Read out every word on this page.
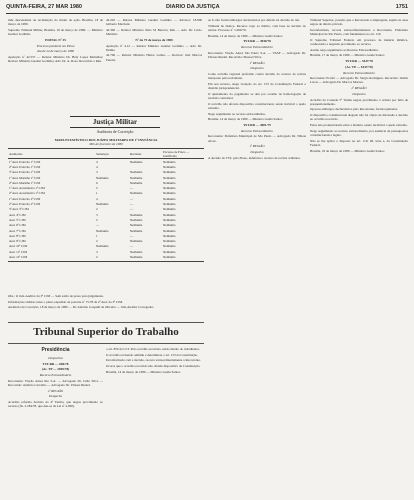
QUINTA-FEIRA, 27 MAR 1980	DIARIO DA JUSTIÇA	1751

mãe descendente da reclamação do titular da ação. Brasília, 18 de março de 1980.

Supremo Tribunal Militar, Brasília, 18 de março de 1980. — Ministro Gualter Godinho.

EDITAL Nº 35

Processo pendente em Pleno

Ata de 24 de março de 1980

Apelação nº 42.557 — Relator Ministro Dr. Hely Lopes Meirelles; Revisor Ministro Gualter Godinho; Adv. Dr. A. Rosa. Recorrido o Réu.

42.202 — Relator Ministro Gualter Godinho — Revisor: 18.000 Gilberto Machado

42.300 — Relator Ministro Júlio Sá Barreto; Réu — Adv. Dr. Lúcio Marinho

Nº do 75 de março de 1980

Apelação nº 4.12 — Relator Ministro Gualter Godinho — Adv. Dr. Dalmo

42.706 — Relator Ministro Heitor Lemos — Revisor: Juiz Marcos Pereira

Justiça Militar
Auditoria de Correição
MAPA ESTATÍSTICO DOS JUÍZES MILITARES DE 1ª INSTÂNCIA
Mês de fevereiro de 1980
Auditorias	Sentenças	Decisões	Excesso de Prazo — Justificado
1ª Aud. Exército 1ª CJM	4	Nenhuma	Nenhuma
2ª Aud. Exército 1ª CJM	4		Nenhuma
3ª Aud. Exército 1ª CJM	3	Nenhuma	Nenhuma
1ª Aud. Marinha 1ª CJM	Nenhuma	Nenhuma	Nenhuma
2ª Aud. Marinha 1ª CJM	6	Nenhuma	Nenhuma
1ª Aud. Aeronáutica 1ª CJM	2	—	Nenhuma
2ª Aud. Aeronáutica 1ª CJM	1	Nenhuma	Nenhuma
1ª Aud. Exército 2ª CJM	4	—	Nenhuma
2ª Aud. Exército 2ª CJM	Nenhuma	—	Nenhuma
3ª Aud. 3ª CJM	2	—	Nenhuma
Aud. 4ª CJM	3	Nenhuma	Nenhuma
Aud. 5ª CJM	2	Nenhuma	Nenhuma
Aud. 6ª CJM	—	Nenhuma	Nenhuma
Aud. 7ª CJM	Nenhuma	Nenhuma	Nenhuma
Aud. 8ª CJM	1	—	Nenhuma
Aud. 9ª CJM	2	Nenhuma	Nenhuma
Aud. 10ª CJM	Nenhuma	—	Nenhuma
Aud. 11ª CJM	3	Nenhuma	Nenhuma
Aud. 12ª CJM	2	Nenhuma	Nenhuma

Obs.: O Juiz-Auditor da 3ª CJM — Sem saldo de prazo para julgamento.

Informações obtidas sobre o plano expedido da portaria nº 75/78 da 2ª Aud. da 3ª CJM.

Auditoria de Correição, 18 de março de 1980 — Dr. Antônio Joaquim de Oliveira — Juiz-Auditor Corregedor.

ao 6. não foram embargos declaratórios por defeito na decisão do réu.

Tribunal de Justiça. Recurso vago ao mérito, com base na decisão do relator. Processo nº 1.060/76.

Brasília, 14 de março de 1980 — Ministro Guida Santos

TST-RR — 4940/78

Recurso Extraordinário

Recorrente: Viação Aérea São Paulo S.A. — VASP — Advogado Dr. Ulisses Riedel. Recorrido: Manoel Silva.

1ª REGIÃO

Despacho

Como acórdão regional proferido contra decisão do recurso de revista interposto pela reclamada.

Em seu recurso, alega violação do art. 153 da Constituição Federal e dissídio jurisprudencial.

O ajustamento do pagamento se deu por ocasião da homologação da rescisão contratual.

O acórdão não afronta dispositivo constitucional, sendo inviável o apelo extremo.

Nego seguimento ao recurso extraordinário.

Brasília, 14 de março de 1980 — Ministro Guida Santos

TST-RR — 4001/79

Recurso Extraordinário

Recorrente: Prefeitura Municipal de São Paulo — Advogado Dr. Nilson Alves.

1ª REGIÃO

Despacho

A decisão do TST, pelo Pleno, indeferiu o recurso de revista ordinário.

Tribunal Superior, posição que a Recorrente é empregada, sujeita às suas regras de direito privado.

Inconformada, recorre extraordinariamente a Recorrente, Prefeitura Municipal de São Paulo, com fundamento no art. 119.

O Supremo Tribunal Federal, em processo de matéria idêntica, conhecendo e negando provimento ao recurso.

Assim, nego seguimento ao Recurso Extraordinário.

Brasília, 17 de março de 1980 — Ministro Guida Santos

TST-RR — 5447/78

(Ac. TP — 5447/78)

Recurso Extraordinário

Recorrente: Ecofer — Advogado Dr. Sérgio Rodrigues. Recorrido: Osmir Lucas — Advogado Dr. Marcos Moraes.

2ª REGIÃO

Despacho

Acórdão da Colenda 5ª Turma negou provimento à revista por falta de prequestionamento.

Opostos embargos declaratórios pelo Recorrente, foram rejeitados.

O dispositivo constitucional alegado não foi objeto de discussão e decisão no acórdão recorrido.

Estes não pronunciaram sobre a matéria, sendo incabível o apelo extremo.

Nego seguimento ao recurso extraordinário, por ausência de pressupostos constitucionais e legais.

Não se lhe aplica o disposto no art. 119, III, letra a, da Constituição Federal.

Brasília, 18 de março de 1980 — Ministro Guida Santos

Tribunal Superior do Trabalho
Presidência

Despachos

TST-RR — 686/78

(Ac. TP — 2969/78)

Recurso Extraordinário

Recorrente: Viação Aérea Rio S.A. — Advogado Dr. Célio Silva — Recorrido: Antônio Carvalho — Advogado Dr. Ulisses Riedel.

2ª REGIÃO

Despacho

Acórdão reforma decisão da 4ª Turma, que negou provimento ao recurso (fls. 2.284/78, que deu-se da Lei nº 4.090).

o art. 850 da CLT. Pelo acórdão recorrido, tendo direito do trabalhador.

O acórdão revisando admitiu e determinou o art. 153 da Constituição.

Inconformada com a decisão, recorre extraordinariamente a Recorrente.

Ocorre que o acórdão recorrido não ofende dispositivo da Constituição.

Brasília, 14 de março de 1980 — Ministro Guida Santos
